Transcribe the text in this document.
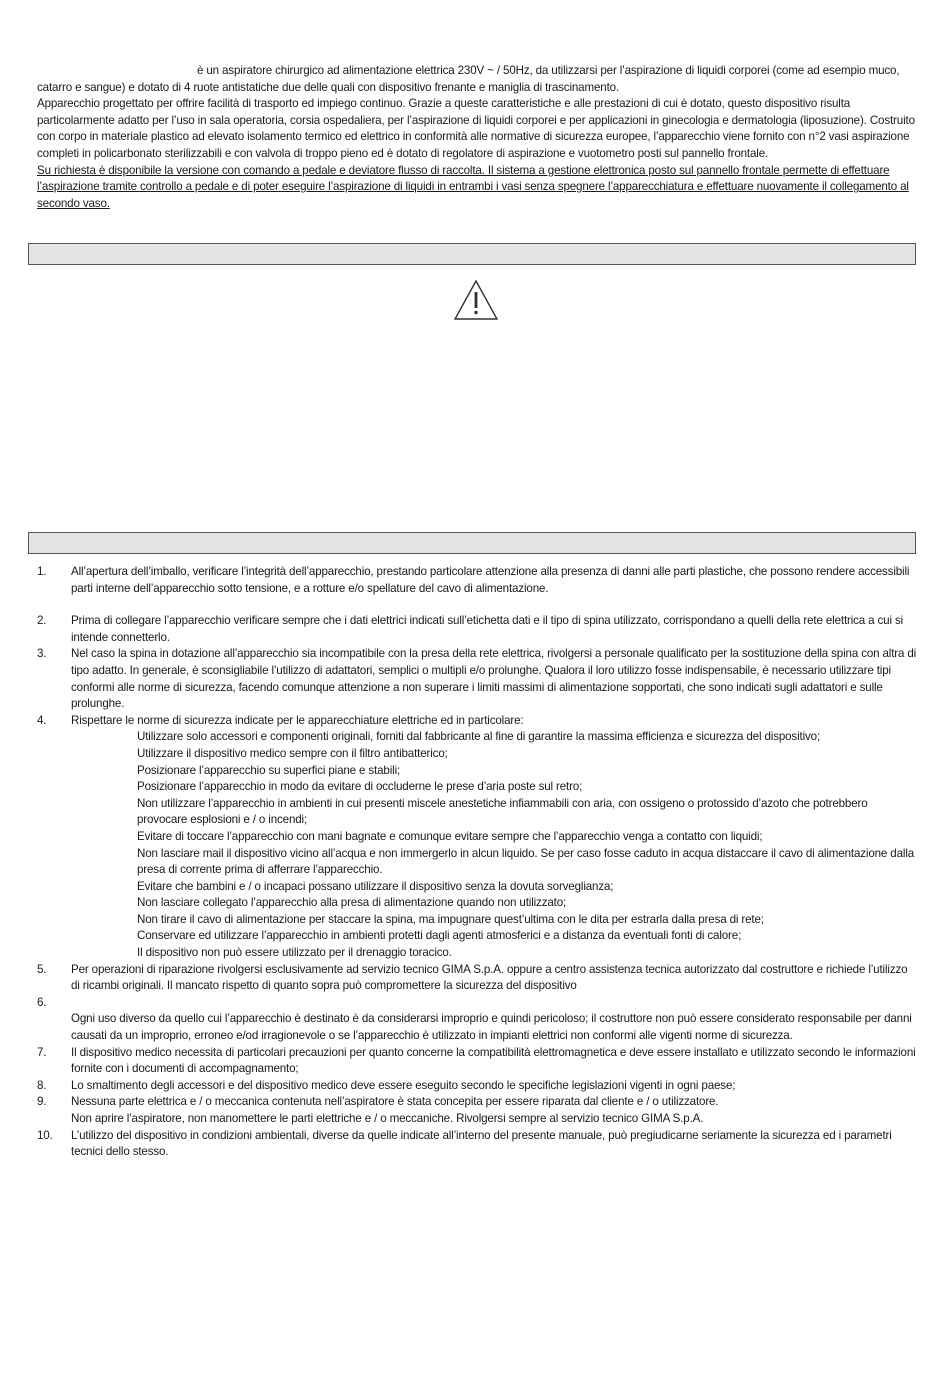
è un aspiratore chirurgico ad alimentazione elettrica 230V ~ / 50Hz, da utilizzarsi per l’aspirazione di liquidi corporei (come ad esempio muco, catarro e sangue) e dotato di 4 ruote antistatiche due delle quali con dispositivo frenante e maniglia di trascinamento.

Apparecchio progettato per offrire facilità di trasporto ed impiego continuo. Grazie a queste caratteristiche e alle prestazioni di cui è dotato, questo dispositivo risulta particolarmente adatto per l’uso in sala operatoria, corsia ospedaliera, per l’aspirazione di liquidi corporei e per applicazioni in ginecologia e dermatologia (liposuzione). Costruito con corpo in materiale plastico ad elevato isolamento termico ed elettrico in conformità alle normative di sicurezza europee, l’apparecchio viene fornito con n°2 vasi aspirazione completi in policarbonato sterilizzabili e con valvola di troppo pieno ed è dotato di regolatore di aspirazione e vuotometro posti sul pannello frontale.

Su richiesta è disponibile la versione con comando a pedale e deviatore flusso di raccolta. Il sistema a gestione elettronica posto sul pannello frontale permette di effettuare l’aspirazione tramite controllo a pedale e di poter eseguire l’aspirazione di liquidi in entrambi i vasi senza spegnere l’apparecchiatura e effettuare nuovamente il collegamento al secondo vaso.

1. All’apertura dell’imballo, verificare l’integrità dell’apparecchio, prestando particolare attenzione alla presenza di danni alle parti plastiche, che possono rendere accessibili parti interne dell’apparecchio sotto tensione, e a rotture e/o spellature del cavo di alimentazione.
2. Prima di collegare l’apparecchio verificare sempre che i dati elettrici indicati sull’etichetta dati e il tipo di spina utilizzato, corrispondano a quelli della rete elettrica a cui si intende connetterlo.
3. Nel caso la spina in dotazione all’apparecchio sia incompatibile con la presa della rete elettrica, rivolgersi a personale qualificato per la sostituzione della spina con altra di tipo adatto. In generale, è sconsigliabile l’utilizzo di adattatori, semplici o multipli e/o prolunghe. Qualora il loro utilizzo fosse indispensabile, è necessario utilizzare tipi conformi alle norme di sicurezza, facendo comunque attenzione a non superare i limiti massimi di alimentazione sopportati, che sono indicati sugli adattatori e sulle prolunghe.
4. Rispettare le norme di sicurezza indicate per le apparecchiature elettriche ed in particolare:
Utilizzare solo accessori e componenti originali, forniti dal fabbricante al fine di garantire la massima efficienza e sicurezza del dispositivo;
Utilizzare il dispositivo medico sempre con il filtro antibatterico;
Posizionare l’apparecchio su superfici piane e stabili;
Posizionare l’apparecchio in modo da evitare di occluderne le prese d’aria poste sul retro;
Non utilizzare l’apparecchio in ambienti in cui presenti miscele anestetiche infiammabili con aria, con ossigeno o protossido d’azoto che potrebbero provocare esplosioni e / o incendi;
Evitare di toccare l’apparecchio con mani bagnate e comunque evitare sempre che l’apparecchio venga a contatto con liquidi;
Non lasciare mail il dispositivo vicino all’acqua e non immergerlo in alcun liquido. Se per caso fosse caduto in acqua distaccare il cavo di alimentazione dalla presa di corrente prima di afferrare l’apparecchio.
Evitare che bambini e / o incapaci possano utilizzare il dispositivo senza la dovuta sorveglianza;
Non lasciare collegato l’apparecchio alla presa di alimentazione quando non utilizzato;
Non tirare il cavo di alimentazione per staccare la spina, ma impugnare quest’ultima con le dita per estrarla dalla presa di rete;
Conservare ed utilizzare l’apparecchio in ambienti protetti dagli agenti atmosferici e a distanza da eventuali fonti di calore;
Il dispositivo non può essere utilizzato per il drenaggio toracico.
5. Per operazioni di riparazione rivolgersi esclusivamente ad servizio tecnico GIMA S.p.A. oppure a centro assistenza tecnica autorizzato dal costruttore e richiede l’utilizzo di ricambi originali. Il mancato rispetto di quanto sopra può compromettere la sicurezza del dispositivo
6.
Ogni uso diverso da quello cui l’apparecchio è destinato è da considerarsi improprio e quindi pericoloso; il costruttore non può essere considerato responsabile per danni causati da un improprio, erroneo e/od irragionevole o se l’apparecchio è utilizzato in impianti elettrici non conformi alle vigenti norme di sicurezza.
7. Il dispositivo medico necessita di particolari precauzioni per quanto concerne la compatibilità elettromagnetica e deve essere installato e utilizzato secondo le informazioni fornite con i documenti di accompagnamento;
8. Lo smaltimento degli accessori e del dispositivo medico deve essere eseguito secondo le specifiche legislazioni vigenti in ogni paese;
9. Nessuna parte elettrica e / o meccanica contenuta nell’aspiratore è stata concepita per essere riparata dal cliente e / o utilizzatore.
Non aprire l’aspiratore, non manomettere le parti elettriche e / o meccaniche. Rivolgersi sempre al servizio tecnico GIMA S.p.A.
10. L’utilizzo del dispositivo in condizioni ambientali, diverse da quelle indicate all’interno del presente manuale, può pregiudicarne seriamente la sicurezza ed i parametri tecnici dello stesso.
